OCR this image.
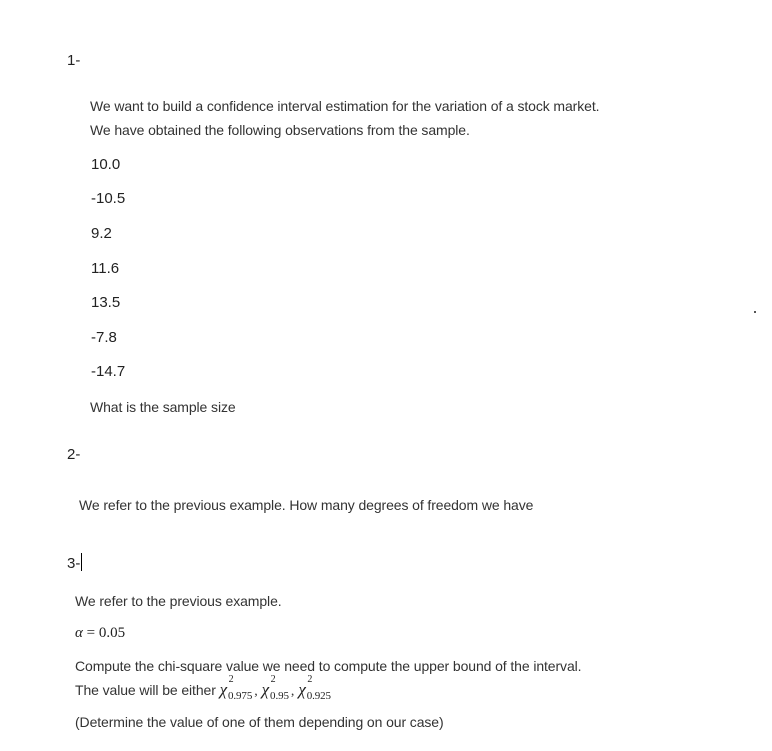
1-
We want to build a confidence interval estimation for the variation of a stock market.
We have obtained the following observations from the sample.
10.0
-10.5
9.2
11.6
13.5
-7.8
-14.7
What is the sample size
2-
We refer to the previous example. How many degrees of freedom we have
3-
We refer to the previous example.
α = 0.05
Compute the chi-square value we need to compute the upper bound of the interval.
The value will be either χ
2
$_{0.975}$ , χ
2
$_{0.95}$ , χ
2
$_{0.925}$
(Determine the value of one of them depending on our case)
